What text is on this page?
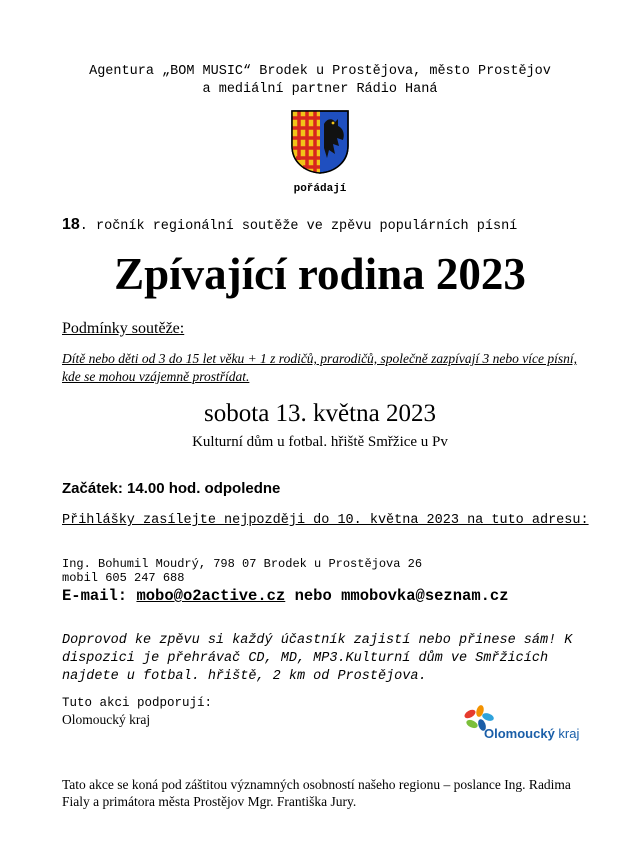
Agentura „BOM MUSIC“ Brodek u Prostějova, město Prostějov
a mediální partner Rádio Haná
pořádají
18. ročník regionální soutěže ve zpěvu populárních písní
Zpívající rodina 2023
Podmínky soutěže:
Dítě nebo děti od 3 do 15 let věku + 1 z rodičů, prarodičů, společně zazpívají 3 nebo více písní, kde se mohou vzájemně prostřídat.
sobota 13. května 2023
Kulturní dům u fotbal. hřiště Smřžice u Pv
Začátek: 14.00 hod. odpoledne
Přihlášky zasílejte nejpozději do 10. května 2023 na tuto adresu:
Ing. Bohumil Moudrý, 798 07 Brodek u Prostějova 26
mobil 605 247 688
E-mail: mobo@o2active.cz nebo mmobovka@seznam.cz
Doprovod ke zpěvu si každý účastník zajistí nebo přinese sám! K dispozici je přehrávač CD, MD, MP3.Kulturní dům ve Smřžicích najdete u fotbal. hřiště, 2 km od Prostějova.
Tuto akci podporují:
Olomoucký kraj
Olomoucký kraj
Tato akce se koná pod záštitou významných osobností našeho regionu – poslance Ing. Radima Fialy a primátora města Prostějov Mgr. Františka Jury.
